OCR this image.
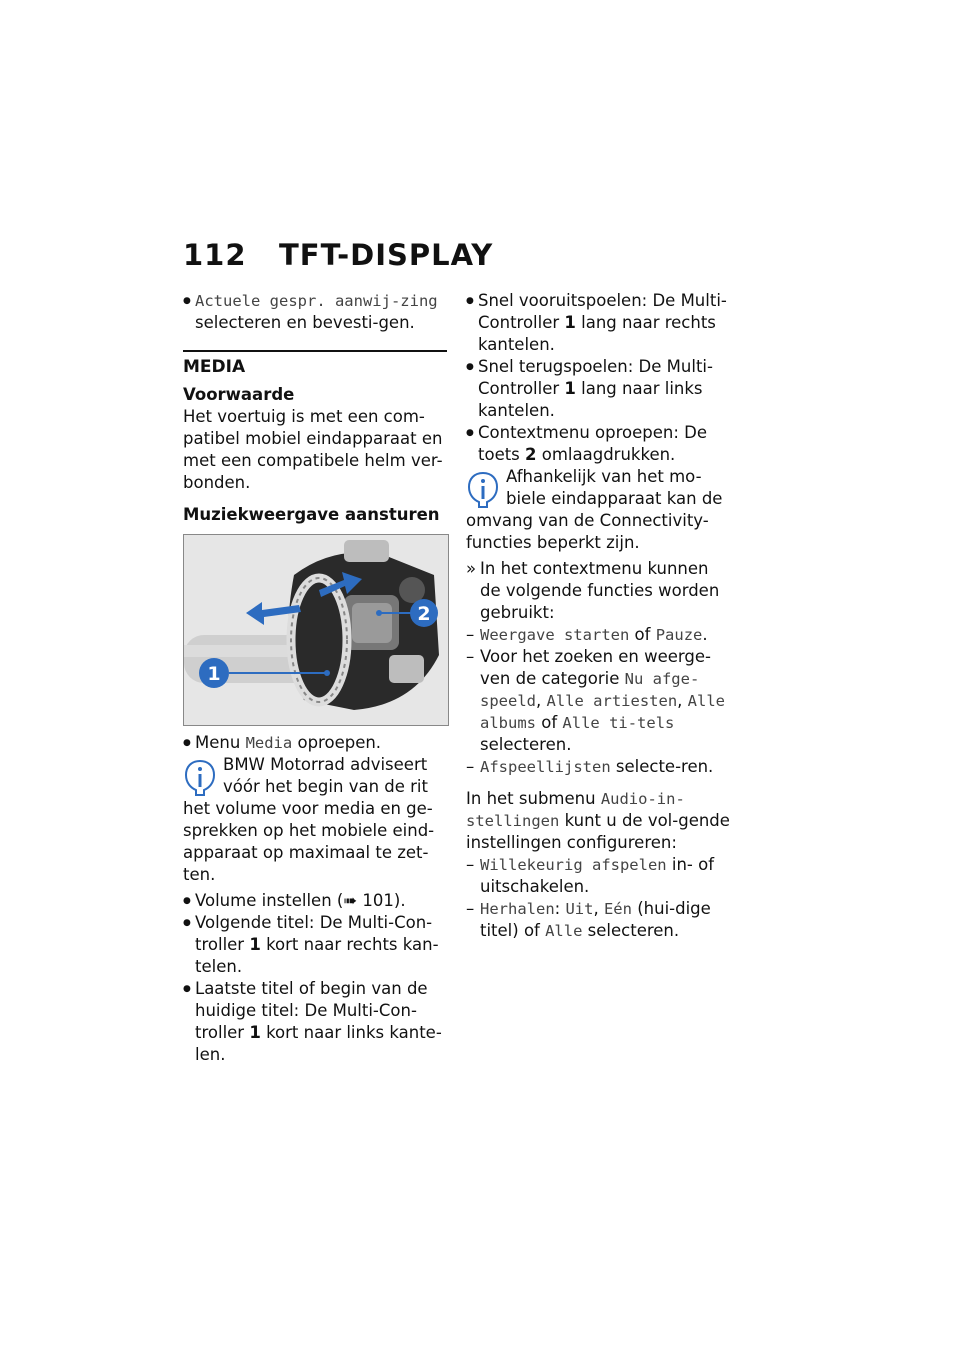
112 TFT-DISPLAY

● Actuele gespr. aanwij-zing selecteren en bevesti-gen.

MEDIA

Voorwaarde

Het voertuig is met een com-patibel mobiel eindapparaat en met een compatibele helm ver-bonden.

Muziekweergave aansturen

1
2

● Menu Media oproepen.

BMW Motorrad adviseert vóór het begin van de rit het volume voor media en ge-sprekken op het mobiele eind-apparaat op maximaal te zet-ten.

● Volume instellen (➠ 101).

● Volgende titel: De Multi-Con-troller 1 kort naar rechts kan-telen.

● Laatste titel of begin van de huidige titel: De Multi-Con-troller 1 kort naar links kante-len.

● Snel vooruitspoelen: De Multi-Controller 1 lang naar rechts kantelen.

● Snel terugspoelen: De Multi-Controller 1 lang naar links kantelen.

● Contextmenu oproepen: De toets 2 omlaagdrukken.

Afhankelijk van het mo-biele eindapparaat kan de omvang van de Connectivity-functies beperkt zijn.

» In het contextmenu kunnen de volgende functies worden gebruikt:

– Weergave starten of Pauze.

– Voor het zoeken en weerge-ven de categorie Nu afge-speeld, Alle artiesten, Alle albums of Alle ti-tels selecteren.

– Afspeellijsten selecte-ren.

In het submenu Audio-in-stellingen kunt u de vol-gende instellingen configureren:

– Willekeurig afspelen in- of uitschakelen.

– Herhalen: Uit, Eén (hui-dige titel) of Alle selecteren.
